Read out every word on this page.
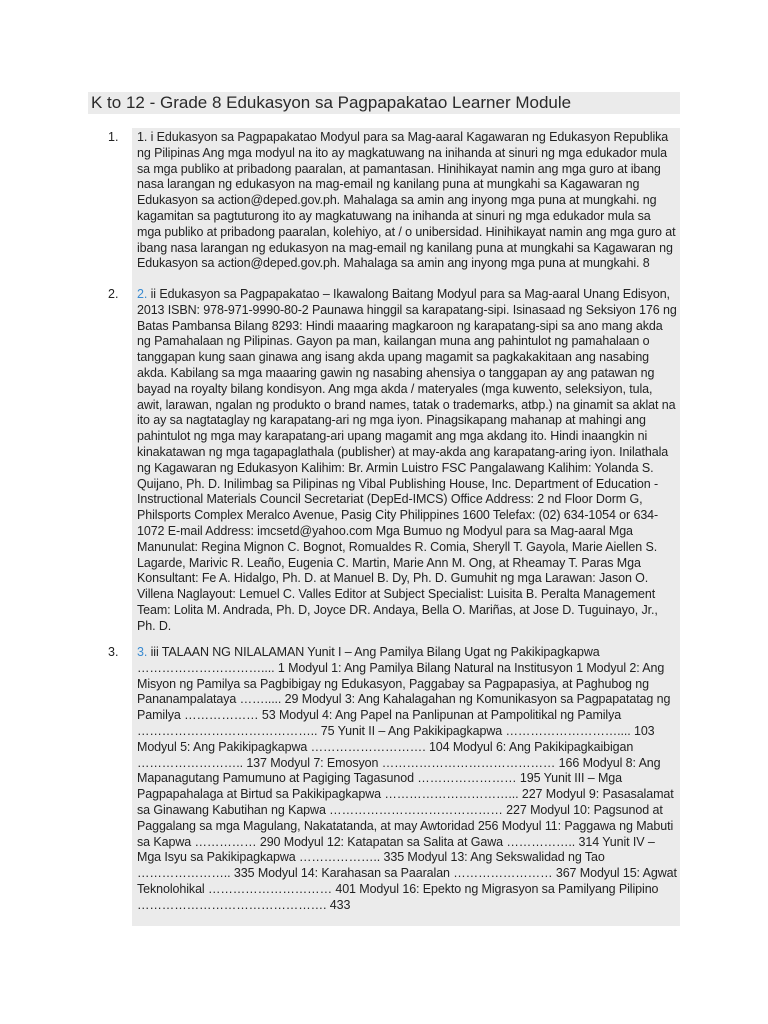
K to 12 - Grade 8 Edukasyon sa Pagpapakatao Learner Module
1. 1. i Edukasyon sa Pagpapakatao Modyul para sa Mag-aaral Kagawaran ng Edukasyon Republika ng Pilipinas Ang mga modyul na ito ay magkatuwang na inihanda at sinuri ng mga edukador mula sa mga publiko at pribadong paaralan, at pamantasan. Hinihikayat namin ang mga guro at ibang nasa larangan ng edukasyon na mag-email ng kanilang puna at mungkahi sa Kagawaran ng Edukasyon sa action@deped.gov.ph. Mahalaga sa amin ang inyong mga puna at mungkahi. ng kagamitan sa pagtuturong ito ay magkatuwang na inihanda at sinuri ng mga edukador mula sa mga publiko at pribadong paaralan, kolehiyo, at / o unibersidad. Hinihikayat namin ang mga guro at ibang nasa larangan ng edukasyon na mag-email ng kanilang puna at mungkahi sa Kagawaran ng Edukasyon sa action@deped.gov.ph. Mahalaga sa amin ang inyong mga puna at mungkahi. 8

2. 2. ii Edukasyon sa Pagpapakatao – Ikawalong Baitang Modyul para sa Mag-aaral Unang Edisyon, 2013 ISBN: 978-971-9990-80-2 Paunawa hinggil sa karapatang-sipi. Isinasaad ng Seksiyon 176 ng Batas Pambansa Bilang 8293: Hindi maaaring magkaroon ng karapatang-sipi sa ano mang akda ng Pamahalaan ng Pilipinas. Gayon pa man, kailangan muna ang pahintulot ng pamahalaan o tanggapan kung saan ginawa ang isang akda upang magamit sa pagkakakitaan ang nasabing akda. Kabilang sa mga maaaring gawin ng nasabing ahensiya o tanggapan ay ang patawan ng bayad na royalty bilang kondisyon. Ang mga akda / materyales (mga kuwento, seleksiyon, tula, awit, larawan, ngalan ng produkto o brand names, tatak o trademarks, atbp.) na ginamit sa aklat na ito ay sa nagtataglay ng karapatang-ari ng mga iyon. Pinagsikapang mahanap at mahingi ang pahintulot ng mga may karapatang-ari upang magamit ang mga akdang ito. Hindi inaangkin ni kinakatawan ng mga tagapaglathala (publisher) at may-akda ang karapatang-aring iyon. Inilathala ng Kagawaran ng Edukasyon Kalihim: Br. Armin Luistro FSC Pangalawang Kalihim: Yolanda S. Quijano, Ph. D. Inilimbag sa Pilipinas ng Vibal Publishing House, Inc. Department of Education - Instructional Materials Council Secretariat (DepEd-IMCS) Office Address: 2 nd Floor Dorm G, Philsports Complex Meralco Avenue, Pasig City Philippines 1600 Telefax: (02) 634-1054 or 634-1072 E-mail Address: imcsetd@yahoo.com Mga Bumuo ng Modyul para sa Mag-aaral Mga Manunulat: Regina Mignon C. Bognot, Romualdes R. Comia, Sheryll T. Gayola, Marie Aiellen S. Lagarde, Marivic R. Leaño, Eugenia C. Martin, Marie Ann M. Ong, at Rheamay T. Paras Mga Konsultant: Fe A. Hidalgo, Ph. D. at Manuel B. Dy, Ph. D. Gumuhit ng mga Larawan: Jason O. Villena Naglayout: Lemuel C. Valles Editor at Subject Specialist: Luisita B. Peralta Management Team: Lolita M. Andrada, Ph. D, Joyce DR. Andaya, Bella O. Mariñas, at Jose D. Tuguinayo, Jr., Ph. D.

3. 3. iii TALAAN NG NILALAMAN Yunit I – Ang Pamilya Bilang Ugat ng Pakikipagkapwa ………………………….... 1 Modyul 1: Ang Pamilya Bilang Natural na Institusyon 1 Modyul 2: Ang Misyon ng Pamilya sa Pagbibigay ng Edukasyon, Paggabay sa Pagpapasiya, at Paghubog ng Pananampalataya ……..... 29 Modyul 3: Ang Kahalagahan ng Komunikasyon sa Pagpapatatag ng Pamilya ……………… 53 Modyul 4: Ang Papel na Panlipunan at Pampolitikal ng Pamilya …………………………………….. 75 Yunit II – Ang Pakikipagkapwa ……………………….... 103 Modyul 5: Ang Pakikipagkapwa ………………………. 104 Modyul 6: Ang Pakikipagkaibigan …………………….. 137 Modyul 7: Emosyon …………………………………… 166 Modyul 8: Ang Mapanagutang Pamumuno at Pagiging Tagasunod …………………… 195 Yunit III – Mga Pagpapahalaga at Birtud sa Pakikipagkapwa …………………………... 227 Modyul 9: Pasasalamat sa Ginawang Kabutihan ng Kapwa …………………………………… 227 Modyul 10: Pagsunod at Paggalang sa mga Magulang, Nakatatanda, at may Awtoridad 256 Modyul 11: Paggawa ng Mabuti sa Kapwa …………… 290 Modyul 12: Katapatan sa Salita at Gawa …………….. 314 Yunit IV – Mga Isyu sa Pakikipagkapwa ……………….. 335 Modyul 13: Ang Sekswalidad ng Tao ………………….. 335 Modyul 14: Karahasan sa Paaralan …………………… 367 Modyul 15: Agwat Teknolohikal ………………………… 401 Modyul 16: Epekto ng Migrasyon sa Pamilyang Pilipino ………………………………………. 433
